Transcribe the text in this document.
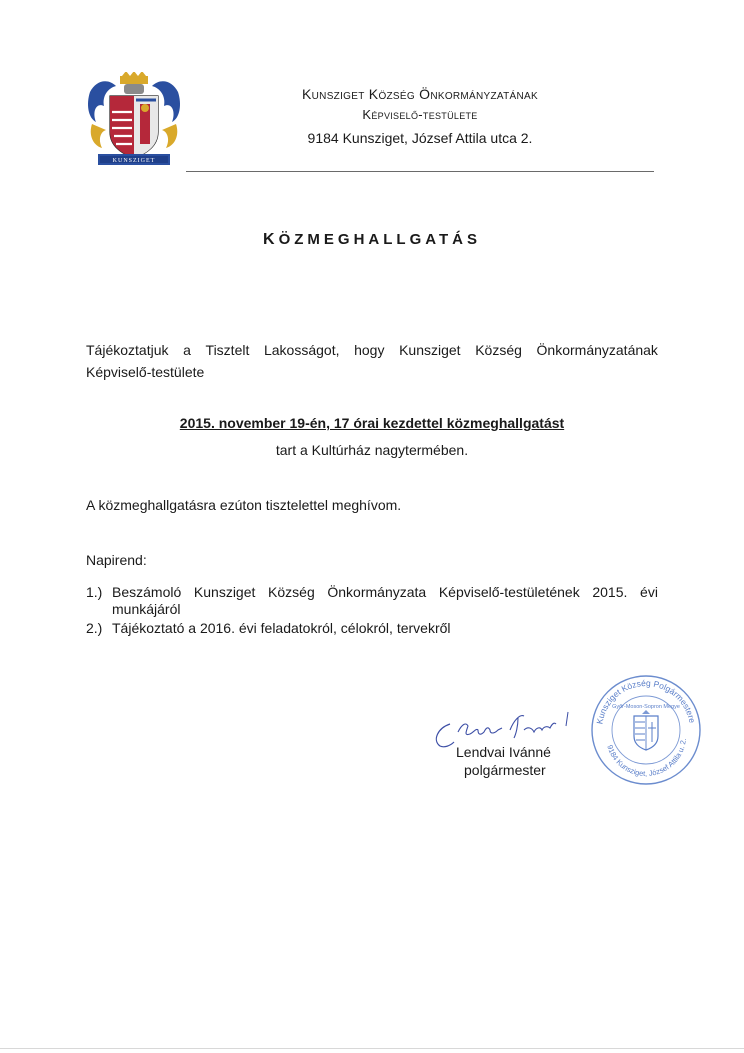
KUNSZIGET
Kunsziget Község Önkormányzatának
Képviselő-testülete
9184 Kunsziget, József Attila utca 2.
KÖZMEGHALLGATÁS
Tájékoztatjuk a Tisztelt Lakosságot, hogy Kunsziget Község Önkormányzatának
Képviselő-testülete
2015. november 19-én, 17 órai kezdettel közmeghallgatást
tart a Kultúrház nagytermében.
A közmeghallgatásra ezúton tisztelettel meghívom.
Napirend:
1.) Beszámoló Kunsziget Község Önkormányzata Képviselő-testületének 2015. évi
munkájáról
2.) Tájékoztató a 2016. évi feladatokról, célokról, tervekről
Lendvai Ivánné
polgármester
Kunsziget Község Polgármestere
9184 Kunsziget, József Attila u. 2.
Győr-Moson-Sopron Megye
